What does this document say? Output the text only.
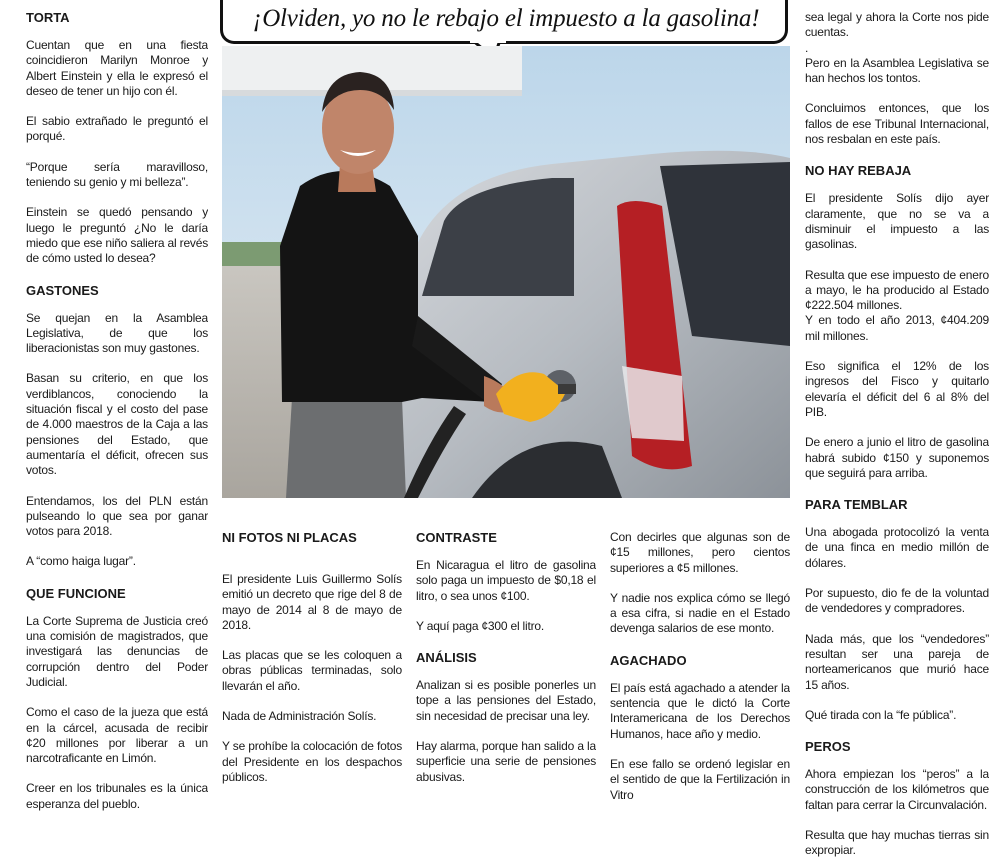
¡Olviden, yo no le rebajo el impuesto a la gasolina!
TORTA

Cuentan que en una fiesta coincidieron Marilyn Monroe y Albert Einstein y ella le expresó el deseo de tener un hijo con él.

El sabio extrañado le preguntó el porqué.

“Porque sería maravilloso, teniendo su genio y mi belleza”.

Einstein se quedó pensando y luego le preguntó ¿No le daría miedo que ese niño saliera al revés de cómo usted lo desea?

GASTONES

Se quejan en la Asamblea Legislativa, de que los liberacionistas son muy gastones.

Basan su criterio, en que los verdiblancos, conociendo la situación fiscal y el costo del pase de 4.000 maestros de la Caja a las pensiones del Estado, que aumentaría el déficit, ofrecen sus votos.

Entendamos, los del PLN están pulseando lo que sea por ganar votos para 2018.

A “como haiga lugar”.

QUE FUNCIONE

La Corte Suprema de Justicia creó una comisión de magistrados, que investigará las denuncias de corrupción dentro del Poder Judicial.

Como el caso de la jueza que está en la cárcel, acusada de recibir ¢20 millones por liberar a un narcotraficante en Limón.

Creer en los tribunales es la única esperanza del pueblo.

NI FOTOS NI PLACAS

El presidente Luis Guillermo Solís emitió un decreto que rige del 8 de mayo de 2014 al 8 de mayo de 2018.

Las placas que se les coloquen a obras públicas terminadas, solo llevarán el año.

Nada de Administración Solís.

Y se prohíbe la colocación de fotos del Presidente en los despachos públicos.

CONTRASTE

En Nicaragua el litro de gasolina solo paga un impuesto de $0,18 el litro, o sea unos ¢100.

Y aquí paga ¢300 el litro.

ANÁLISIS

Analizan si es posible ponerles un tope a las pensiones del Estado, sin necesidad de precisar una ley.

Hay alarma, porque han salido a la superficie una serie de pensiones abusivas.

Con decirles que algunas son de ¢15 millones, pero cientos superiores a ¢5 millones.

Y nadie nos explica cómo se llegó a esa cifra, si nadie en el Estado devenga salarios de ese monto.

AGACHADO

El país está agachado a atender la sentencia que le dictó la Corte Interamericana de los Derechos Humanos, hace año y medio.

En ese fallo se ordenó legislar en el sentido de que la Fertilización in Vitro

sea legal y ahora la Corte nos pide cuentas.

.

Pero en la Asamblea Legislativa se han hechos los tontos.

Concluimos entonces, que los fallos de ese Tribunal Internacional, nos resbalan en este país.

NO HAY REBAJA

El presidente Solís dijo ayer claramente, que no se va a disminuir el impuesto a las gasolinas.

Resulta que ese impuesto de enero a mayo, le ha producido al Estado ¢222.504 millones.

Y en todo el año 2013, ¢404.209 mil millones.

Eso significa el 12% de los ingresos del Fisco y quitarlo elevaría el déficit del 6 al 8% del PIB.

De enero a junio el litro de gasolina habrá subido ¢150 y suponemos que seguirá para arriba.

PARA TEMBLAR

Una abogada protocolizó la venta de una finca en medio millón de dólares.

Por supuesto, dio fe de la voluntad de vendedores y compradores.

Nada más, que los “vendedores” resultan ser una pareja de norteamericanos que murió hace 15 años.

Qué tirada con la “fe pública”.

PEROS

Ahora empiezan los “peros” a la construcción de los kilómetros que faltan para cerrar la Circunvalación.

Resulta que hay muchas tierras sin expropiar.
